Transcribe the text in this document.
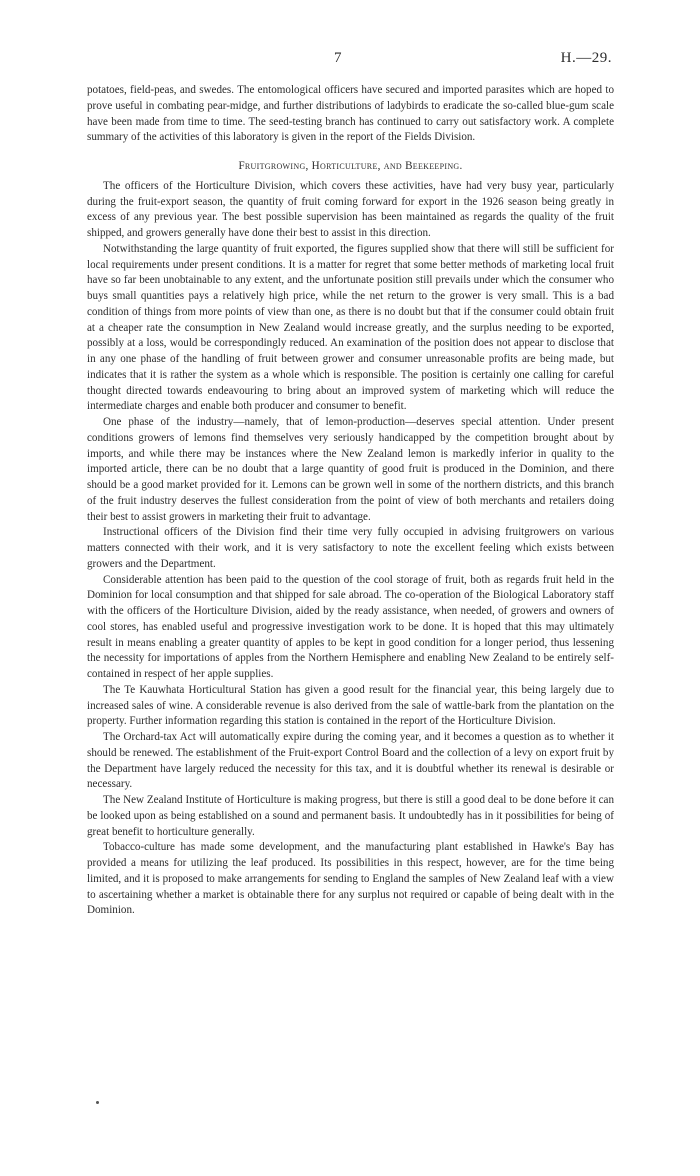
7	H.—29.

potatoes, field-peas, and swedes. The entomological officers have secured and imported parasites which are hoped to prove useful in combating pear-midge, and further distributions of ladybirds to eradicate the so-called blue-gum scale have been made from time to time. The seed-testing branch has continued to carry out satisfactory work. A complete summary of the activities of this laboratory is given in the report of the Fields Division.

Fruitgrowing, Horticulture, and Beekeeping.

The officers of the Horticulture Division, which covers these activities, have had very busy year, particularly during the fruit-export season, the quantity of fruit coming forward for export in the 1926 season being greatly in excess of any previous year. The best possible supervision has been maintained as regards the quality of the fruit shipped, and growers generally have done their best to assist in this direction.

Notwithstanding the large quantity of fruit exported, the figures supplied show that there will still be sufficient for local requirements under present conditions. It is a matter for regret that some better methods of marketing local fruit have so far been unobtainable to any extent, and the unfortunate position still prevails under which the consumer who buys small quantities pays a relatively high price, while the net return to the grower is very small. This is a bad condition of things from more points of view than one, as there is no doubt but that if the consumer could obtain fruit at a cheaper rate the consumption in New Zealand would increase greatly, and the surplus needing to be exported, possibly at a loss, would be correspondingly reduced. An examination of the position does not appear to disclose that in any one phase of the handling of fruit between grower and consumer unreasonable profits are being made, but indicates that it is rather the system as a whole which is responsible. The position is certainly one calling for careful thought directed towards endeavouring to bring about an improved system of marketing which will reduce the intermediate charges and enable both producer and consumer to benefit.

One phase of the industry—namely, that of lemon-production—deserves special attention. Under present conditions growers of lemons find themselves very seriously handicapped by the competition brought about by imports, and while there may be instances where the New Zealand lemon is markedly inferior in quality to the imported article, there can be no doubt that a large quantity of good fruit is produced in the Dominion, and there should be a good market provided for it. Lemons can be grown well in some of the northern districts, and this branch of the fruit industry deserves the fullest consideration from the point of view of both merchants and retailers doing their best to assist growers in marketing their fruit to advantage.

Instructional officers of the Division find their time very fully occupied in advising fruitgrowers on various matters connected with their work, and it is very satisfactory to note the excellent feeling which exists between growers and the Department.

Considerable attention has been paid to the question of the cool storage of fruit, both as regards fruit held in the Dominion for local consumption and that shipped for sale abroad. The co-operation of the Biological Laboratory staff with the officers of the Horticulture Division, aided by the ready assistance, when needed, of growers and owners of cool stores, has enabled useful and progressive investigation work to be done. It is hoped that this may ultimately result in means enabling a greater quantity of apples to be kept in good condition for a longer period, thus lessening the necessity for importations of apples from the Northern Hemisphere and enabling New Zealand to be entirely self-contained in respect of her apple supplies.

The Te Kauwhata Horticultural Station has given a good result for the financial year, this being largely due to increased sales of wine. A considerable revenue is also derived from the sale of wattle-bark from the plantation on the property. Further information regarding this station is contained in the report of the Horticulture Division.

The Orchard-tax Act will automatically expire during the coming year, and it becomes a question as to whether it should be renewed. The establishment of the Fruit-export Control Board and the collection of a levy on export fruit by the Department have largely reduced the necessity for this tax, and it is doubtful whether its renewal is desirable or necessary.

The New Zealand Institute of Horticulture is making progress, but there is still a good deal to be done before it can be looked upon as being established on a sound and permanent basis. It undoubtedly has in it possibilities for being of great benefit to horticulture generally.

Tobacco-culture has made some development, and the manufacturing plant established in Hawke's Bay has provided a means for utilizing the leaf produced. Its possibilities in this respect, however, are for the time being limited, and it is proposed to make arrangements for sending to England the samples of New Zealand leaf with a view to ascertaining whether a market is obtainable there for any surplus not required or capable of being dealt with in the Dominion.
